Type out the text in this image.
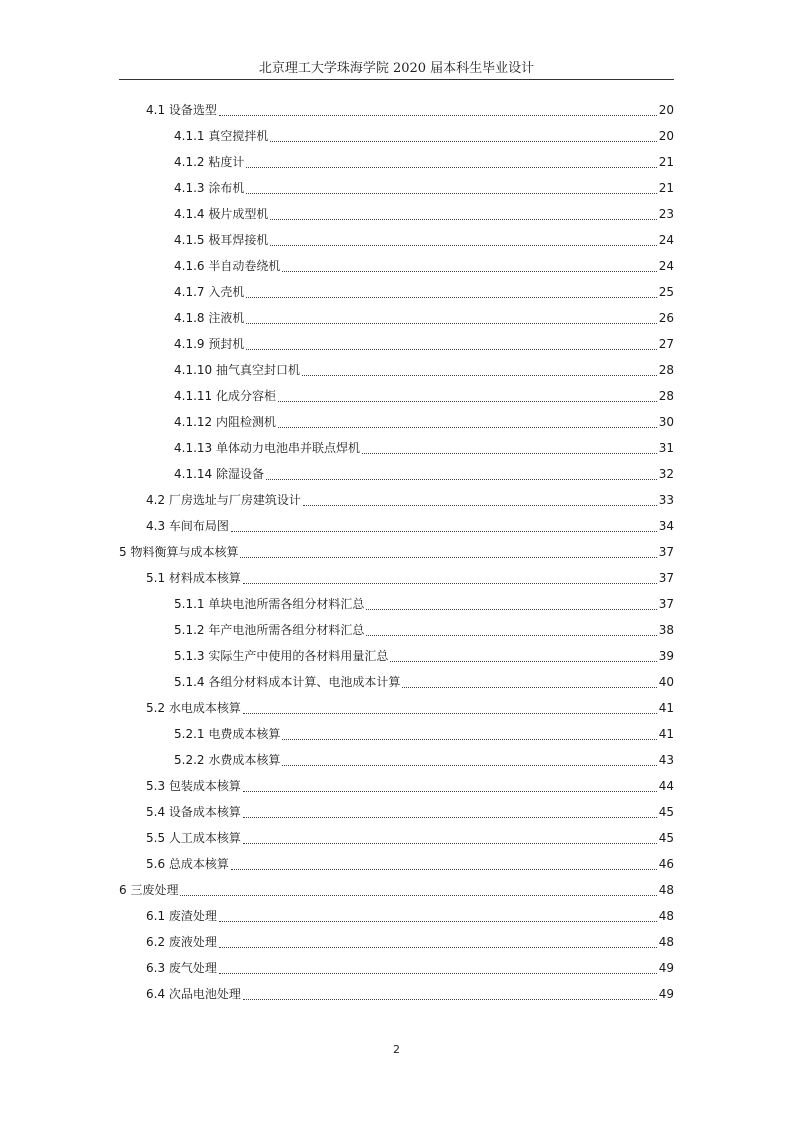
北京理工大学珠海学院 2020 届本科生毕业设计
4.1 设备选型	20
4.1.1 真空搅拌机	20
4.1.2 粘度计	21
4.1.3 涂布机	21
4.1.4 极片成型机	23
4.1.5 极耳焊接机	24
4.1.6 半自动卷绕机	24
4.1.7 入壳机	25
4.1.8 注液机	26
4.1.9 预封机	27
4.1.10 抽气真空封口机	28
4.1.11 化成分容柜	28
4.1.12 内阻检测机	30
4.1.13 单体动力电池串并联点焊机	31
4.1.14 除湿设备	32
4.2 厂房选址与厂房建筑设计	33
4.3 车间布局图	34
5 物料衡算与成本核算	37
5.1 材料成本核算	37
5.1.1 单块电池所需各组分材料汇总	37
5.1.2 年产电池所需各组分材料汇总	38
5.1.3 实际生产中使用的各材料用量汇总	39
5.1.4 各组分材料成本计算、电池成本计算	40
5.2 水电成本核算	41
5.2.1 电费成本核算	41
5.2.2 水费成本核算	43
5.3 包装成本核算	44
5.4 设备成本核算	45
5.5 人工成本核算	45
5.6 总成本核算	46
6 三废处理	48
6.1 废渣处理	48
6.2 废液处理	48
6.3 废气处理	49
6.4 次品电池处理	49
2
